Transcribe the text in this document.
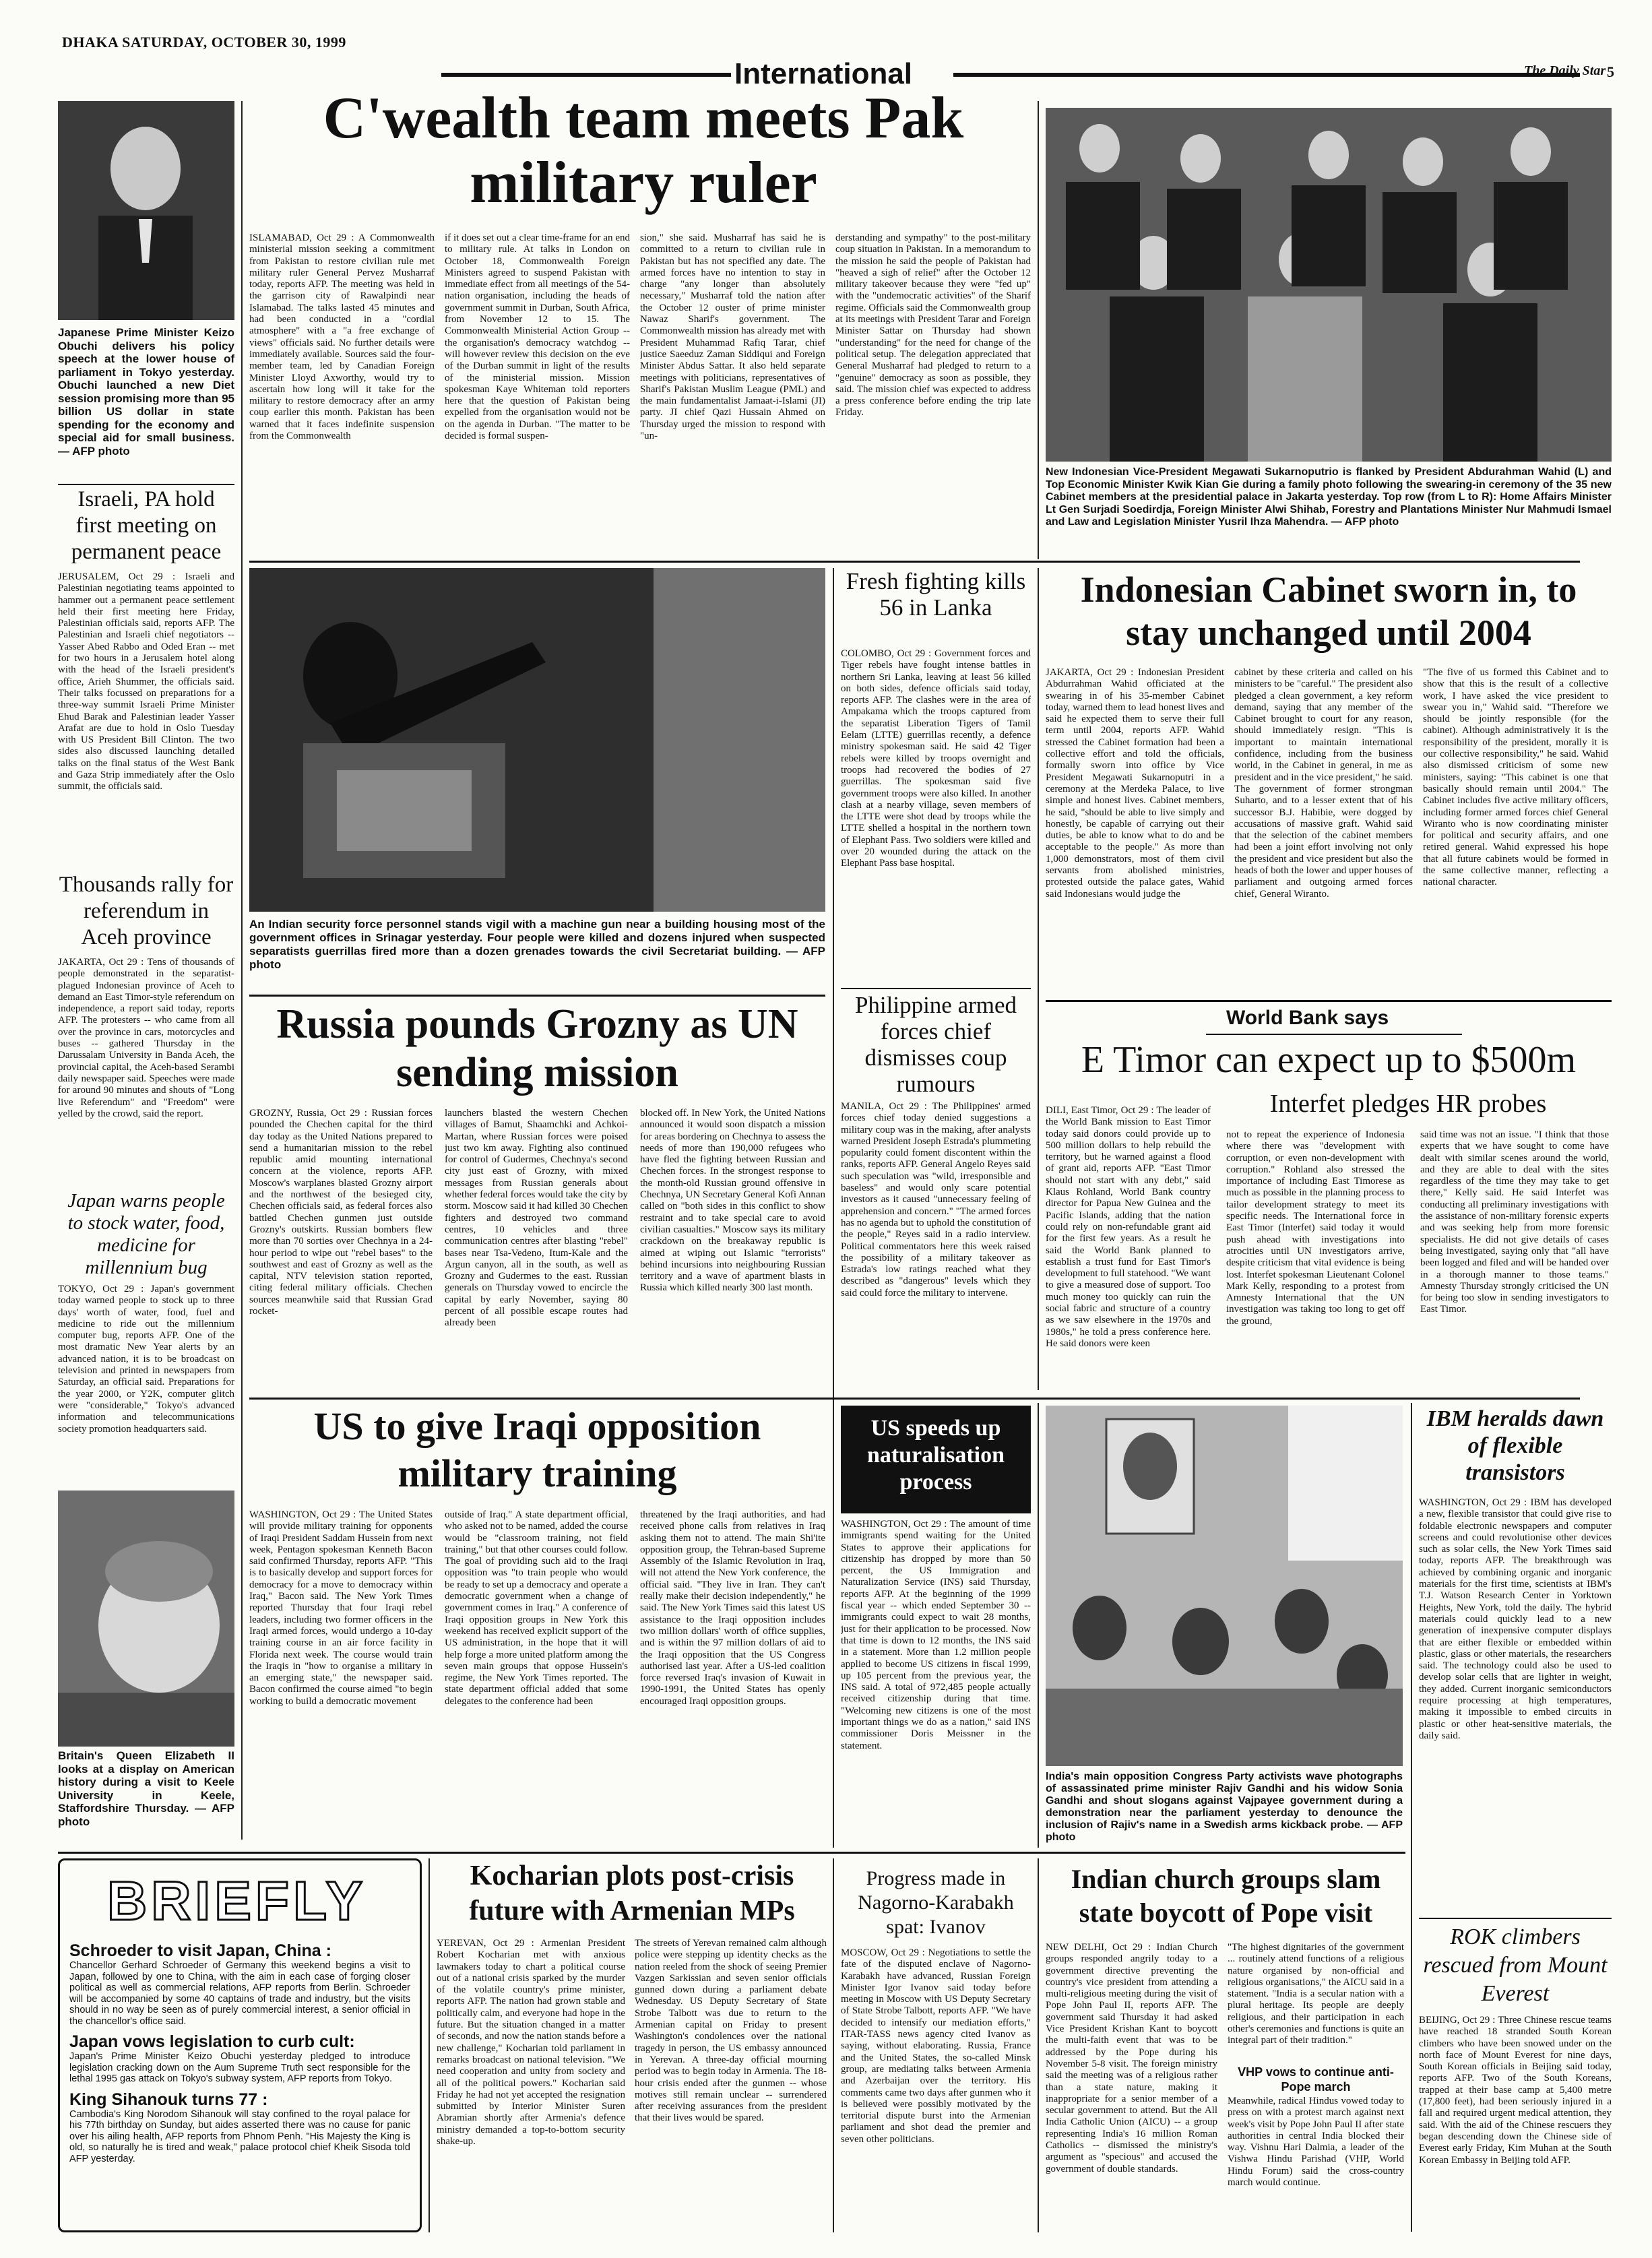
DHAKA SATURDAY, OCTOBER 30, 1999
International	The Daily Star 5
Japanese Prime Minister Keizo Obuchi delivers his policy speech at the lower house of parliament in Tokyo yesterday. Obuchi launched a new Diet session promising more than 95 billion US dollar in state spending for the economy and special aid for small business. — AFP photo
Israeli, PA hold first meeting on permanent peace
JERUSALEM, Oct 29 : Israeli and Palestinian negotiating teams appointed to hammer out a permanent peace settlement held their first meeting here Friday, Palestinian officials said, reports AFP. The Palestinian and Israeli chief negotiators -- Yasser Abed Rabbo and Oded Eran -- met for two hours in a Jerusalem hotel along with the head of the Israeli president's office, Arieh Shummer, the officials said. Their talks focussed on preparations for a three-way summit Israeli Prime Minister Ehud Barak and Palestinian leader Yasser Arafat are due to hold in Oslo Tuesday with US President Bill Clinton. The two sides also discussed launching detailed talks on the final status of the West Bank and Gaza Strip immediately after the Oslo summit, the officials said.
Thousands rally for referendum in Aceh province
JAKARTA, Oct 29 : Tens of thousands of people demonstrated in the separatist-plagued Indonesian province of Aceh to demand an East Timor-style referendum on independence, a report said today, reports AFP. The protesters -- who came from all over the province in cars, motorcycles and buses -- gathered Thursday in the Darussalam University in Banda Aceh, the provincial capital, the Aceh-based Serambi daily newspaper said. Speeches were made for around 90 minutes and shouts of "Long live Referendum" and "Freedom" were yelled by the crowd, said the report.
Japan warns people to stock water, food, medicine for millennium bug
TOKYO, Oct 29 : Japan's government today warned people to stock up to three days' worth of water, food, fuel and medicine to ride out the millennium computer bug, reports AFP. One of the most dramatic New Year alerts by an advanced nation, it is to be broadcast on television and printed in newspapers from Saturday, an official said. Preparations for the year 2000, or Y2K, computer glitch were "considerable," Tokyo's advanced information and telecommunications society promotion headquarters said.
Britain's Queen Elizabeth II looks at a display on American history during a visit to Keele University in Keele, Staffordshire Thursday. — AFP photo
C'wealth team meets Pak military ruler
ISLAMABAD, Oct 29 : A Commonwealth ministerial mission seeking a commitment from Pakistan to restore civilian rule met military ruler General Pervez Musharraf today, reports AFP. The meeting was held in the garrison city of Rawalpindi near Islamabad. The talks lasted 45 minutes and had been conducted in a "cordial atmosphere" with a "a free exchange of views" officials said. No further details were immediately available. Sources said the four-member team, led by Canadian Foreign Minister Lloyd Axworthy, would try to ascertain how long will it take for the military to restore democracy after an army coup earlier this month. Pakistan has been warned that it faces indefinite suspension from the Commonwealth
if it does set out a clear time-frame for an end to military rule. At talks in London on October 18, Commonwealth Foreign Ministers agreed to suspend Pakistan with immediate effect from all meetings of the 54-nation organisation, including the heads of government summit in Durban, South Africa, from November 12 to 15. The Commonwealth Ministerial Action Group -- the organisation's democracy watchdog -- will however review this decision on the eve of the Durban summit in light of the results of the ministerial mission. Mission spokesman Kaye Whiteman told reporters here that the question of Pakistan being expelled from the organisation would not be on the agenda in Durban. "The matter to be decided is formal suspen-
sion," she said. Musharraf has said he is committed to a return to civilian rule in Pakistan but has not specified any date. The armed forces have no intention to stay in charge "any longer than absolutely necessary," Musharraf told the nation after the October 12 ouster of prime minister Nawaz Sharif's government. The Commonwealth mission has already met with President Muhammad Rafiq Tarar, chief justice Saeeduz Zaman Siddiqui and Foreign Minister Abdus Sattar. It also held separate meetings with politicians, representatives of Sharif's Pakistan Muslim League (PML) and the main fundamentalist Jamaat-i-Islami (JI) party. JI chief Qazi Hussain Ahmed on Thursday urged the mission to respond with "un-
derstanding and sympathy" to the post-military coup situation in Pakistan. In a memorandum to the mission he said the people of Pakistan had "heaved a sigh of relief" after the October 12 military takeover because they were "fed up" with the "undemocratic activities" of the Sharif regime. Officials said the Commonwealth group at its meetings with President Tarar and Foreign Minister Sattar on Thursday had shown "understanding" for the need for change of the political setup. The delegation appreciated that General Musharraf had pledged to return to a "genuine" democracy as soon as possible, they said. The mission chief was expected to address a press conference before ending the trip late Friday.
New Indonesian Vice-President Megawati Sukarnoputrio is flanked by President Abdurahman Wahid (L) and Top Economic Minister Kwik Kian Gie during a family photo following the swearing-in ceremony of the 35 new Cabinet members at the presidential palace in Jakarta yesterday. Top row (from L to R): Home Affairs Minister Lt Gen Surjadi Soedirdja, Foreign Minister Alwi Shihab, Forestry and Plantations Minister Nur Mahmudi Ismael and Law and Legislation Minister Yusril Ihza Mahendra. — AFP photo
An Indian security force personnel stands vigil with a machine gun near a building housing most of the government offices in Srinagar yesterday. Four people were killed and dozens injured when suspected separatists guerrillas fired more than a dozen grenades towards the civil Secretariat building. — AFP photo
Fresh fighting kills 56 in Lanka
COLOMBO, Oct 29 : Government forces and Tiger rebels have fought intense battles in northern Sri Lanka, leaving at least 56 killed on both sides, defence officials said today, reports AFP. The clashes were in the area of Ampakama which the troops captured from the separatist Liberation Tigers of Tamil Eelam (LTTE) guerrillas recently, a defence ministry spokesman said. He said 42 Tiger rebels were killed by troops overnight and troops had recovered the bodies of 27 guerrillas. The spokesman said five government troops were also killed. In another clash at a nearby village, seven members of the LTTE were shot dead by troops while the LTTE shelled a hospital in the northern town of Elephant Pass. Two soldiers were killed and over 20 wounded during the attack on the Elephant Pass base hospital.
Philippine armed forces chief dismisses coup rumours
MANILA, Oct 29 : The Philippines' armed forces chief today denied suggestions a military coup was in the making, after analysts warned President Joseph Estrada's plummeting popularity could foment discontent within the ranks, reports AFP. General Angelo Reyes said such speculation was "wild, irresponsible and baseless" and would only scare potential investors as it caused "unnecessary feeling of apprehension and concern." "The armed forces has no agenda but to uphold the constitution of the people," Reyes said in a radio interview. Political commentators here this week raised the possibility of a military takeover as Estrada's low ratings reached what they described as "dangerous" levels which they said could force the military to intervene.
Indonesian Cabinet sworn in, to stay unchanged until 2004
JAKARTA, Oct 29 : Indonesian President Abdurrahman Wahid officiated at the swearing in of his 35-member Cabinet today, warned them to lead honest lives and said he expected them to serve their full term until 2004, reports AFP. Wahid stressed the Cabinet formation had been a collective effort and told the officials, formally sworn into office by Vice President Megawati Sukarnoputri in a ceremony at the Merdeka Palace, to live simple and honest lives. Cabinet members, he said, "should be able to live simply and honestly, be capable of carrying out their duties, be able to know what to do and be acceptable to the people." As more than 1,000 demonstrators, most of them civil servants from abolished ministries, protested outside the palace gates, Wahid said Indonesians would judge the
cabinet by these criteria and called on his ministers to be "careful." The president also pledged a clean government, a key reform demand, saying that any member of the Cabinet brought to court for any reason, should immediately resign. "This is important to maintain international confidence, including from the business world, in the Cabinet in general, in me as president and in the vice president," he said. The government of former strongman Suharto, and to a lesser extent that of his successor B.J. Habibie, were dogged by accusations of massive graft. Wahid said that the selection of the cabinet members had been a joint effort involving not only the president and vice president but also the heads of both the lower and upper houses of parliament and outgoing armed forces chief, General Wiranto.
"The five of us formed this Cabinet and to show that this is the result of a collective work, I have asked the vice president to swear you in," Wahid said. "Therefore we should be jointly responsible (for the cabinet). Although administratively it is the responsibility of the president, morally it is our collective responsibility," he said. Wahid also dismissed criticism of some new ministers, saying: "This cabinet is one that basically should remain until 2004." The Cabinet includes five active military officers, including former armed forces chief General Wiranto who is now coordinating minister for political and security affairs, and one retired general. Wahid expressed his hope that all future cabinets would be formed in the same collective manner, reflecting a national character.
Russia pounds Grozny as UN sending mission
GROZNY, Russia, Oct 29 : Russian forces pounded the Chechen capital for the third day today as the United Nations prepared to send a humanitarian mission to the rebel republic amid mounting international concern at the violence, reports AFP. Moscow's warplanes blasted Grozny airport and the northwest of the besieged city, Chechen officials said, as federal forces also battled Chechen gunmen just outside Grozny's outskirts. Russian bombers flew more than 70 sorties over Chechnya in a 24-hour period to wipe out "rebel bases" to the southwest and east of Grozny as well as the capital, NTV television station reported, citing federal military officials. Chechen sources meanwhile said that Russian Grad rocket-
launchers blasted the western Chechen villages of Bamut, Shaamchki and Achkoi-Martan, where Russian forces were poised just two km away. Fighting also continued for control of Gudermes, Chechnya's second city just east of Grozny, with mixed messages from Russian generals about whether federal forces would take the city by storm. Moscow said it had killed 30 Chechen fighters and destroyed two command centres, 10 vehicles and three communication centres after blasting "rebel" bases near Tsa-Vedeno, Itum-Kale and the Argun canyon, all in the south, as well as Grozny and Gudermes to the east. Russian generals on Thursday vowed to encircle the capital by early November, saying 80 percent of all possible escape routes had already been
blocked off. In New York, the United Nations announced it would soon dispatch a mission for areas bordering on Chechnya to assess the needs of more than 190,000 refugees who have fled the fighting between Russian and Chechen forces. In the strongest response to the month-old Russian ground offensive in Chechnya, UN Secretary General Kofi Annan called on "both sides in this conflict to show restraint and to take special care to avoid civilian casualties." Moscow says its military crackdown on the breakaway republic is aimed at wiping out Islamic "terrorists" behind incursions into neighbouring Russian territory and a wave of apartment blasts in Russia which killed nearly 300 last month.
World Bank says
E Timor can expect up to $500m
Interfet pledges HR probes
DILI, East Timor, Oct 29 : The leader of the World Bank mission to East Timor today said donors could provide up to 500 million dollars to help rebuild the territory, but he warned against a flood of grant aid, reports AFP. "East Timor should not start with any debt," said Klaus Rohland, World Bank country director for Papua New Guinea and the Pacific Islands, adding that the nation could rely on non-refundable grant aid for the first few years. As a result he said the World Bank planned to establish a trust fund for East Timor's development to full statehood. "We want to give a measured dose of support. Too much money too quickly can ruin the social fabric and structure of a country as we saw elsewhere in the 1970s and 1980s," he told a press conference here. He said donors were keen
not to repeat the experience of Indonesia where there was "development with corruption, or even non-development with corruption." Rohland also stressed the importance of including East Timorese as much as possible in the planning process to tailor development strategy to meet its specific needs. The International force in East Timor (Interfet) said today it would push ahead with investigations into atrocities until UN investigators arrive, despite criticism that vital evidence is being lost. Interfet spokesman Lieutenant Colonel Mark Kelly, responding to a protest from Amnesty International that the UN investigation was taking too long to get off the ground,
said time was not an issue. "I think that those experts that we have sought to come have dealt with similar scenes around the world, and they are able to deal with the sites regardless of the time they may take to get there," Kelly said. He said Interfet was conducting all preliminary investigations with the assistance of non-military forensic experts and was seeking help from more forensic specialists. He did not give details of cases being investigated, saying only that "all have been logged and filed and will be handed over in a thorough manner to those teams." Amnesty Thursday strongly criticised the UN for being too slow in sending investigators to East Timor.
US to give Iraqi opposition military training
WASHINGTON, Oct 29 : The United States will provide military training for opponents of Iraqi President Saddam Hussein from next week, Pentagon spokesman Kenneth Bacon said confirmed Thursday, reports AFP. "This is to basically develop and support forces for democracy for a move to democracy within Iraq," Bacon said. The New York Times reported Thursday that four Iraqi rebel leaders, including two former officers in the Iraqi armed forces, would undergo a 10-day training course in an air force facility in Florida next week. The course would train the Iraqis in "how to organise a military in an emerging state," the newspaper said. Bacon confirmed the course aimed "to begin working to build a democratic movement
outside of Iraq." A state department official, who asked not to be named, added the course would be "classroom training, not field training," but that other courses could follow. The goal of providing such aid to the Iraqi opposition was "to train people who would be ready to set up a democracy and operate a democratic government when a change of government comes in Iraq." A conference of Iraqi opposition groups in New York this weekend has received explicit support of the US administration, in the hope that it will help forge a more united platform among the seven main groups that oppose Hussein's regime, the New York Times reported. The state department official added that some delegates to the conference had been
threatened by the Iraqi authorities, and had received phone calls from relatives in Iraq asking them not to attend. The main Shi'ite opposition group, the Tehran-based Supreme Assembly of the Islamic Revolution in Iraq, will not attend the New York conference, the official said. "They live in Iran. They can't really make their decision independently," he said. The New York Times said this latest US assistance to the Iraqi opposition includes two million dollars' worth of office supplies, and is within the 97 million dollars of aid to the Iraqi opposition that the US Congress authorised last year. After a US-led coalition force reversed Iraq's invasion of Kuwait in 1990-1991, the United States has openly encouraged Iraqi opposition groups.
US speeds up naturalisation process
WASHINGTON, Oct 29 : The amount of time immigrants spend waiting for the United States to approve their applications for citizenship has dropped by more than 50 percent, the US Immigration and Naturalization Service (INS) said Thursday, reports AFP. At the beginning of the 1999 fiscal year -- which ended September 30 -- immigrants could expect to wait 28 months, just for their application to be processed. Now that time is down to 12 months, the INS said in a statement. More than 1.2 million people applied to become US citizens in fiscal 1999, up 105 percent from the previous year, the INS said. A total of 972,485 people actually received citizenship during that time. "Welcoming new citizens is one of the most important things we do as a nation," said INS commissioner Doris Meissner in the statement.
India's main opposition Congress Party activists wave photographs of assassinated prime minister Rajiv Gandhi and his widow Sonia Gandhi and shout slogans against Vajpayee government during a demonstration near the parliament yesterday to denounce the inclusion of Rajiv's name in a Swedish arms kickback probe. — AFP photo
IBM heralds dawn of flexible transistors
WASHINGTON, Oct 29 : IBM has developed a new, flexible transistor that could give rise to foldable electronic newspapers and computer screens and could revolutionise other devices such as solar cells, the New York Times said today, reports AFP. The breakthrough was achieved by combining organic and inorganic materials for the first time, scientists at IBM's T.J. Watson Research Center in Yorktown Heights, New York, told the daily. The hybrid materials could quickly lead to a new generation of inexpensive computer displays that are either flexible or embedded within plastic, glass or other materials, the researchers said. The technology could also be used to develop solar cells that are lighter in weight, they added. Current inorganic semiconductors require processing at high temperatures, making it impossible to embed circuits in plastic or other heat-sensitive materials, the daily said.
ROK climbers rescued from Mount Everest
BEIJING, Oct 29 : Three Chinese rescue teams have reached 18 stranded South Korean climbers who have been snowed under on the north face of Mount Everest for nine days, South Korean officials in Beijing said today, reports AFP. Two of the South Koreans, trapped at their base camp at 5,400 metre (17,800 feet), had been seriously injured in a fall and required urgent medical attention, they said. With the aid of the Chinese rescuers they began descending down the Chinese side of Everest early Friday, Kim Muhan at the South Korean Embassy in Beijing told AFP.
BRIEFLY
Schroeder to visit Japan, China :
Chancellor Gerhard Schroeder of Germany this weekend begins a visit to Japan, followed by one to China, with the aim in each case of forging closer political as well as commercial relations, AFP reports from Berlin. Schroeder will be accompanied by some 40 captains of trade and industry, but the visits should in no way be seen as of purely commercial interest, a senior official in the chancellor's office said.
Japan vows legislation to curb cult:
Japan's Prime Minister Keizo Obuchi yesterday pledged to introduce legislation cracking down on the Aum Supreme Truth sect responsible for the lethal 1995 gas attack on Tokyo's subway system, AFP reports from Tokyo.
King Sihanouk turns 77 :
Cambodia's King Norodom Sihanouk will stay confined to the royal palace for his 77th birthday on Sunday, but aides asserted there was no cause for panic over his ailing health, AFP reports from Phnom Penh. "His Majesty the King is old, so naturally he is tired and weak," palace protocol chief Kheik Sisoda told AFP yesterday.
Kocharian plots post-crisis future with Armenian MPs
YEREVAN, Oct 29 : Armenian President Robert Kocharian met with anxious lawmakers today to chart a political course out of a national crisis sparked by the murder of the volatile country's prime minister, reports AFP. The nation had grown stable and politically calm, and everyone had hope in the future. But the situation changed in a matter of seconds, and now the nation stands before a new challenge," Kocharian told parliament in remarks broadcast on national television. "We need cooperation and unity from society and all of the political powers." Kocharian said Friday he had not yet accepted the resignation submitted by Interior Minister Suren Abramian shortly after Armenia's defence ministry demanded a top-to-bottom security shake-up.
The streets of Yerevan remained calm although police were stepping up identity checks as the nation reeled from the shock of seeing Premier Vazgen Sarkissian and seven senior officials gunned down during a parliament debate Wednesday. US Deputy Secretary of State Strobe Talbott was due to return to the Armenian capital on Friday to present Washington's condolences over the national tragedy in person, the US embassy announced in Yerevan. A three-day official mourning period was to begin today in Armenia. The 18-hour crisis ended after the gunmen -- whose motives still remain unclear -- surrendered after receiving assurances from the president that their lives would be spared.
Progress made in Nagorno-Karabakh spat: Ivanov
MOSCOW, Oct 29 : Negotiations to settle the fate of the disputed enclave of Nagorno-Karabakh have advanced, Russian Foreign Minister Igor Ivanov said today before meeting in Moscow with US Deputy Secretary of State Strobe Talbott, reports AFP. "We have decided to intensify our mediation efforts," ITAR-TASS news agency cited Ivanov as saying, without elaborating. Russia, France and the United States, the so-called Minsk group, are mediating talks between Armenia and Azerbaijan over the territory. His comments came two days after gunmen who it is believed were possibly motivated by the territorial dispute burst into the Armenian parliament and shot dead the premier and seven other politicians.
Indian church groups slam state boycott of Pope visit
NEW DELHI, Oct 29 : Indian Church groups responded angrily today to a government directive preventing the country's vice president from attending a multi-religious meeting during the visit of Pope John Paul II, reports AFP. The government said Thursday it had asked Vice President Krishan Kant to boycott the multi-faith event that was to be addressed by the Pope during his November 5-8 visit. The foreign ministry said the meeting was of a religious rather than a state nature, making it inappropriate for a senior member of a secular government to attend. But the All India Catholic Union (AICU) -- a group representing India's 16 million Roman Catholics -- dismissed the ministry's argument as "specious" and accused the government of double standards.
"The highest dignitaries of the government ... routinely attend functions of a religious nature organised by non-official and religious organisations," the AICU said in a statement. "India is a secular nation with a plural heritage. Its people are deeply religious, and their participation in each other's ceremonies and functions is quite an integral part of their tradition."
VHP vows to continue anti-Pope march
Meanwhile, radical Hindus vowed today to press on with a protest march against next week's visit by Pope John Paul II after state authorities in central India blocked their way. Vishnu Hari Dalmia, a leader of the Vishwa Hindu Parishad (VHP, World Hindu Forum) said the cross-country march would continue.
